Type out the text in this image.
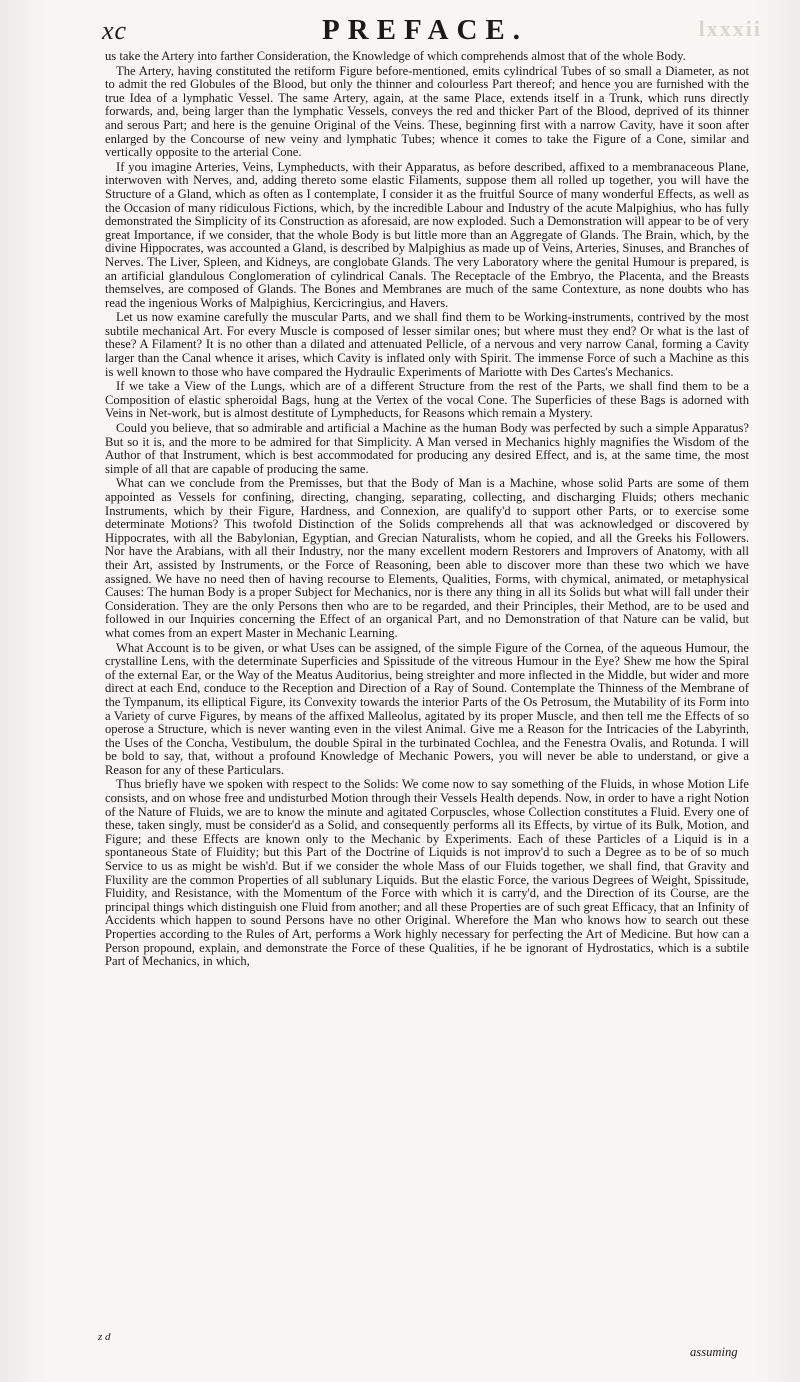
lxxxii
xc	PREFACE.

us take the Artery into farther Consideration, the Knowledge of which comprehends almost that of the whole Body.

The Artery, having constituted the retiform Figure before-mentioned, emits cylindrical Tubes of so small a Diameter, as not to admit the red Globules of the Blood, but only the thinner and colourless Part thereof; and hence you are furnished with the true Idea of a lymphatic Vessel. The same Artery, again, at the same Place, extends itself in a Trunk, which runs directly forwards, and, being larger than the lymphatic Vessels, conveys the red and thicker Part of the Blood, deprived of its thinner and serous Part; and here is the genuine Original of the Veins. These, beginning first with a narrow Cavity, have it soon after enlarged by the Concourse of new veiny and lymphatic Tubes; whence it comes to take the Figure of a Cone, similar and vertically opposite to the arterial Cone.

If you imagine Arteries, Veins, Lympheducts, with their Apparatus, as before described, affixed to a membranaceous Plane, interwoven with Nerves, and, adding thereto some elastic Filaments, suppose them all rolled up together, you will have the Structure of a Gland, which as often as I contemplate, I consider it as the fruitful Source of many wonderful Effects, as well as the Occasion of many ridiculous Fictions, which, by the incredible Labour and Industry of the acute Malpighius, who has fully demonstrated the Simplicity of its Construction as aforesaid, are now exploded. Such a Demonstration will appear to be of very great Importance, if we consider, that the whole Body is but little more than an Aggregate of Glands. The Brain, which, by the divine Hippocrates, was accounted a Gland, is described by Malpighius as made up of Veins, Arteries, Sinuses, and Branches of Nerves. The Liver, Spleen, and Kidneys, are conglobate Glands. The very Laboratory where the genital Humour is prepared, is an artificial glandulous Conglomeration of cylindrical Canals. The Receptacle of the Embryo, the Placenta, and the Breasts themselves, are composed of Glands. The Bones and Membranes are much of the same Contexture, as none doubts who has read the ingenious Works of Malpighius, Kercicringius, and Havers.

Let us now examine carefully the muscular Parts, and we shall find them to be Working-instruments, contrived by the most subtile mechanical Art. For every Muscle is composed of lesser similar ones; but where must they end? Or what is the last of these? A Filament? It is no other than a dilated and attenuated Pellicle, of a nervous and very narrow Canal, forming a Cavity larger than the Canal whence it arises, which Cavity is inflated only with Spirit. The immense Force of such a Machine as this is well known to those who have compared the Hydraulic Experiments of Mariotte with Des Cartes's Mechanics.

If we take a View of the Lungs, which are of a different Structure from the rest of the Parts, we shall find them to be a Composition of elastic spheroidal Bags, hung at the Vertex of the vocal Cone. The Superficies of these Bags is adorned with Veins in Net-work, but is almost destitute of Lympheducts, for Reasons which remain a Mystery.

Could you believe, that so admirable and artificial a Machine as the human Body was perfected by such a simple Apparatus? But so it is, and the more to be admired for that Simplicity. A Man versed in Mechanics highly magnifies the Wisdom of the Author of that Instrument, which is best accommodated for producing any desired Effect, and is, at the same time, the most simple of all that are capable of producing the same.

What can we conclude from the Premisses, but that the Body of Man is a Machine, whose solid Parts are some of them appointed as Vessels for confining, directing, changing, separating, collecting, and discharging Fluids; others mechanic Instruments, which by their Figure, Hardness, and Connexion, are qualify'd to support other Parts, or to exercise some determinate Motions? This twofold Distinction of the Solids comprehends all that was acknowledged or discovered by Hippocrates, with all the Babylonian, Egyptian, and Grecian Naturalists, whom he copied, and all the Greeks his Followers. Nor have the Arabians, with all their Industry, nor the many excellent modern Restorers and Improvers of Anatomy, with all their Art, assisted by Instruments, or the Force of Reasoning, been able to discover more than these two which we have assigned. We have no need then of having recourse to Elements, Qualities, Forms, with chymical, animated, or metaphysical Causes: The human Body is a proper Subject for Mechanics, nor is there any thing in all its Solids but what will fall under their Consideration. They are the only Persons then who are to be regarded, and their Principles, their Method, are to be used and followed in our Inquiries concerning the Effect of an organical Part, and no Demonstration of that Nature can be valid, but what comes from an expert Master in Mechanic Learning.

What Account is to be given, or what Uses can be assigned, of the simple Figure of the Cornea, of the aqueous Humour, the crystalline Lens, with the determinate Superficies and Spissitude of the vitreous Humour in the Eye? Shew me how the Spiral of the external Ear, or the Way of the Meatus Auditorius, being streighter and more inflected in the Middle, but wider and more direct at each End, conduce to the Reception and Direction of a Ray of Sound. Contemplate the Thinness of the Membrane of the Tympanum, its elliptical Figure, its Convexity towards the interior Parts of the Os Petrosum, the Mutability of its Form into a Variety of curve Figures, by means of the affixed Malleolus, agitated by its proper Muscle, and then tell me the Effects of so operose a Structure, which is never wanting even in the vilest Animal. Give me a Reason for the Intricacies of the Labyrinth, the Uses of the Concha, Vestibulum, the double Spiral in the turbinated Cochlea, and the Fenestra Ovalis, and Rotunda. I will be bold to say, that, without a profound Knowledge of Mechanic Powers, you will never be able to understand, or give a Reason for any of these Particulars.

Thus briefly have we spoken with respect to the Solids: We come now to say something of the Fluids, in whose Motion Life consists, and on whose free and undisturbed Motion through their Vessels Health depends. Now, in order to have a right Notion of the Nature of Fluids, we are to know the minute and agitated Corpuscles, whose Collection constitutes a Fluid. Every one of these, taken singly, must be consider'd as a Solid, and consequently performs all its Effects, by virtue of its Bulk, Motion, and Figure; and these Effects are known only to the Mechanic by Experiments. Each of these Particles of a Liquid is in a spontaneous State of Fluidity; but this Part of the Doctrine of Liquids is not improv'd to such a Degree as to be of so much Service to us as might be wish'd. But if we consider the whole Mass of our Fluids together, we shall find, that Gravity and Fluxility are the common Properties of all sublunary Liquids. But the elastic Force, the various Degrees of Weight, Spissitude, Fluidity, and Resistance, with the Momentum of the Force with which it is carry'd, and the Direction of its Course, are the principal things which distinguish one Fluid from another; and all these Properties are of such great Efficacy, that an Infinity of Accidents which happen to sound Persons have no other Original. Wherefore the Man who knows how to search out these Properties according to the Rules of Art, performs a Work highly necessary for perfecting the Art of Medicine. But how can a Person propound, explain, and demonstrate the Force of these Qualities, if he be ignorant of Hydrostatics, which is a subtile Part of Mechanics, in which,

z d
assuming
